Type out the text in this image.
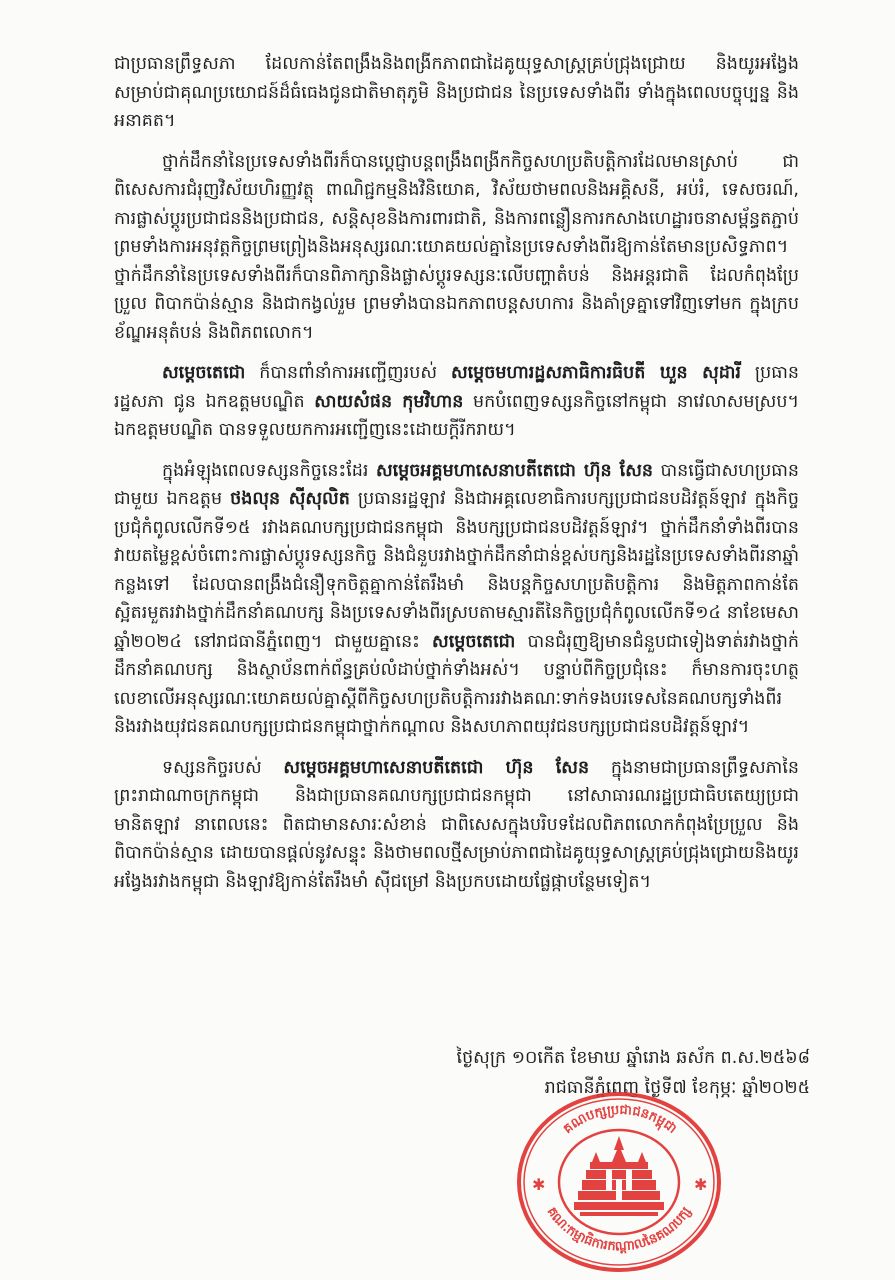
ជាប្រធានព្រឹទ្ធសភា ដែលកាន់តែពង្រឹងនិងពង្រីកភាពជាដៃគូយុទ្ធសាស្ត្រគ្រប់ជ្រុងជ្រោយ និងយូរអង្វែង សម្រាប់ជាគុណប្រយោជន៍ដ៏ធំធេងជូនជាតិមាតុភូមិ និងប្រជាជន នៃប្រទេសទាំងពីរ ទាំងក្នុងពេលបច្ចុប្បន្ន និងអនាគត។

ថ្នាក់ដឹកនាំនៃប្រទេសទាំងពីរក៏បានប្តេជ្ញាបន្តពង្រឹងពង្រីកកិច្ចសហប្រតិបត្តិការដែលមានស្រាប់ ជាពិសេសការជំរុញវិស័យហិរញ្ញវត្ថុ ពាណិជ្ជកម្មនិងវិនិយោគ, វិស័យថាមពលនិងអគ្គិសនី, អប់រំ, ទេសចរណ៍, ការផ្លាស់ប្តូរប្រជាជននិងប្រជាជន, សន្តិសុខនិងការពារជាតិ, និងការពន្លឿនការកសាងហេដ្ឋារចនាសម្ព័ន្ធតភ្ជាប់ ព្រមទាំងការអនុវត្តកិច្ចព្រមព្រៀងនិងអនុស្សរណៈយោគយល់គ្នានៃប្រទេសទាំងពីរឱ្យកាន់តែមានប្រសិទ្ធភាព។ ថ្នាក់ដឹកនាំនៃប្រទេសទាំងពីរក៏បានពិភាក្សានិងផ្លាស់ប្តូរទស្សនៈលើបញ្ហាតំបន់ និងអន្តរជាតិ ដែលកំពុងប្រែប្រួល ពិបាកប៉ាន់ស្មាន និងជាកង្វល់រួម ព្រមទាំងបានឯកភាពបន្តសហការ និងគាំទ្រគ្នាទៅវិញទៅមក ក្នុងក្របខ័ណ្ឌអនុតំបន់ និងពិភពលោក។

សម្តេចតេជោ ក៏បានពាំនាំការអញ្ជើញរបស់ សម្តេចមហារដ្ឋសភាធិការធិបតី ឃួន សុដារី ប្រធានរដ្ឋសភា ជូន ឯកឧត្តមបណ្ឌិត សាយសំផន កុមវិហាន មកបំពេញទស្សនកិច្ចនៅកម្ពុជា នាវេលាសមស្រប។ ឯកឧត្តមបណ្ឌិត បានទទួលយកការអញ្ជើញនេះដោយក្តីរីករាយ។

ក្នុងអំឡុងពេលទស្សនកិច្ចនេះដែរ សម្តេចអគ្គមហាសេនាបតីតេជោ ហ៊ុន សែន បានធ្វើជាសហប្រធានជាមួយ ឯកឧត្តម ថងលុន ស៊ីសុលិត ប្រធានរដ្ឋឡាវ និងជាអគ្គលេខាធិការបក្សប្រជាជនបដិវត្តន៍ឡាវ ក្នុងកិច្ចប្រជុំកំពូលលើកទី១៥ រវាងគណបក្សប្រជាជនកម្ពុជា និងបក្សប្រជាជនបដិវត្តន៍ឡាវ។ ថ្នាក់ដឹកនាំទាំងពីរបានវាយតម្លៃខ្ពស់ចំពោះការផ្លាស់ប្តូរទស្សនកិច្ច និងជំនួបរវាងថ្នាក់ដឹកនាំជាន់ខ្ពស់បក្សនិងរដ្ឋនៃប្រទេសទាំងពីរនាឆ្នាំកន្លងទៅ ដែលបានពង្រឹងជំនឿទុកចិត្តគ្នាកាន់តែរឹងមាំ និងបន្តកិច្ចសហប្រតិបត្តិការ និងមិត្តភាពកាន់តែស្អិតរមួតរវាងថ្នាក់ដឹកនាំគណបក្ស និងប្រទេសទាំងពីរស្របតាមស្មារតីនៃកិច្ចប្រជុំកំពូលលើកទី១៤ នាខែមេសា ឆ្នាំ២០២៤ នៅរាជធានីភ្នំពេញ។ ជាមួយគ្នានេះ សម្តេចតេជោ បានជំរុញឱ្យមានជំនួបជាទៀងទាត់រវាងថ្នាក់ដឹកនាំគណបក្ស និងស្ថាប័នពាក់ព័ន្ធគ្រប់លំដាប់ថ្នាក់ទាំងអស់។ បន្ទាប់ពីកិច្ចប្រជុំនេះ ក៏មានការចុះហត្ថលេខាលើអនុស្សរណៈយោគយល់គ្នាស្តីពីកិច្ចសហប្រតិបត្តិការរវាងគណៈទាក់ទងបរទេសនៃគណបក្សទាំងពីរ និងរវាងយុវជនគណបក្សប្រជាជនកម្ពុជាថ្នាក់កណ្តាល និងសហភាពយុវជនបក្សប្រជាជនបដិវត្តន៍ឡាវ។

ទស្សនកិច្ចរបស់ សម្តេចអគ្គមហាសេនាបតីតេជោ ហ៊ុន សែន ក្នុងនាមជាប្រធានព្រឹទ្ធសភានៃព្រះរាជាណាចក្រកម្ពុជា និងជាប្រធានគណបក្សប្រជាជនកម្ពុជា នៅសាធារណរដ្ឋប្រជាធិបតេយ្យប្រជាមានិតឡាវ នាពេលនេះ ពិតជាមានសារៈសំខាន់ ជាពិសេសក្នុងបរិបទដែលពិភពលោកកំពុងប្រែប្រួល និងពិបាកប៉ាន់ស្មាន ដោយបានផ្តល់នូវសន្ទុះ និងថាមពលថ្មីសម្រាប់ភាពជាដៃគូយុទ្ធសាស្ត្រគ្រប់ជ្រុងជ្រោយនិងយូរអង្វែងរវាងកម្ពុជា និងឡាវឱ្យកាន់តែរឹងមាំ ស៊ីជម្រៅ និងប្រកបដោយផ្លែផ្កាបន្ថែមទៀត។

ថ្ងៃសុក្រ ១០កើត ខែមាឃ ឆ្នាំរោង ឆស័ក ព.ស.២៥៦៨
រាជធានីភ្នំពេញ ថ្ងៃទី៧ ខែកុម្ភៈ ឆ្នាំ២០២៥
គណបក្សប្រជាជនកម្ពុជា
គណៈកម្មាធិការកណ្តាលនៃគណបក្ស
✱	✱
